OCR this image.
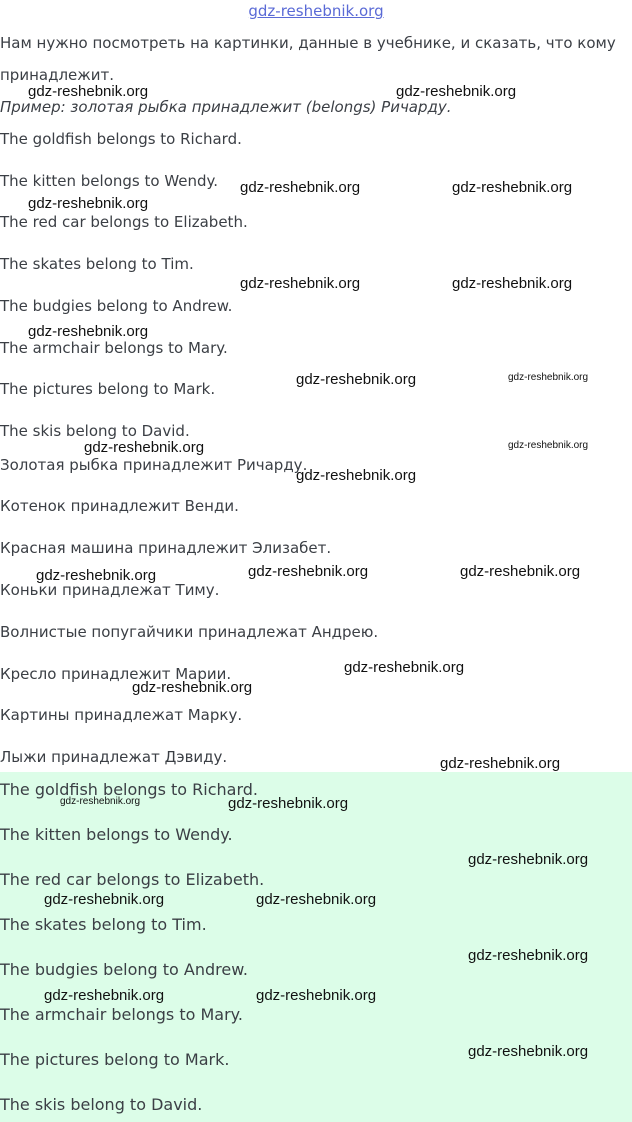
gdz-reshebnik.org
Нам нужно посмотреть на картинки, данные в учебнике, и сказать, что кому
принадлежит.
Пример: золотая рыбка принадлежит (belongs) Ричарду.
The goldfish belongs to Richard.
The kitten belongs to Wendy.
The red car belongs to Elizabeth.
The skates belong to Tim.
The budgies belong to Andrew.
The armchair belongs to Mary.
The pictures belong to Mark.
The skis belong to David.
Золотая рыбка принадлежит Ричарду.
Котенок принадлежит Венди.
Красная машина принадлежит Элизабет.
Коньки принадлежат Тиму.
Волнистые попугайчики принадлежат Андрею.
Кресло принадлежит Марии.
Картины принадлежат Марку.
Лыжи принадлежат Дэвиду.
The goldfish belongs to Richard.
The kitten belongs to Wendy.
The red car belongs to Elizabeth.
The skates belong to Tim.
The budgies belong to Andrew.
The armchair belongs to Mary.
The pictures belong to Mark.
The skis belong to David.
gdz-reshebnik.org	gdz-reshebnik.org
gdz-reshebnik.org	gdz-reshebnik.org
gdz-reshebnik.org
gdz-reshebnik.org	gdz-reshebnik.org
gdz-reshebnik.org
gdz-reshebnik.org	gdz-reshebnik.org
gdz-reshebnik.org	gdz-reshebnik.org
gdz-reshebnik.org
gdz-reshebnik.org	gdz-reshebnik.org	gdz-reshebnik.org
gdz-reshebnik.org
gdz-reshebnik.org
gdz-reshebnik.org
gdz-reshebnik.org	gdz-reshebnik.org
gdz-reshebnik.org
gdz-reshebnik.org	gdz-reshebnik.org
gdz-reshebnik.org
gdz-reshebnik.org	gdz-reshebnik.org
gdz-reshebnik.org
